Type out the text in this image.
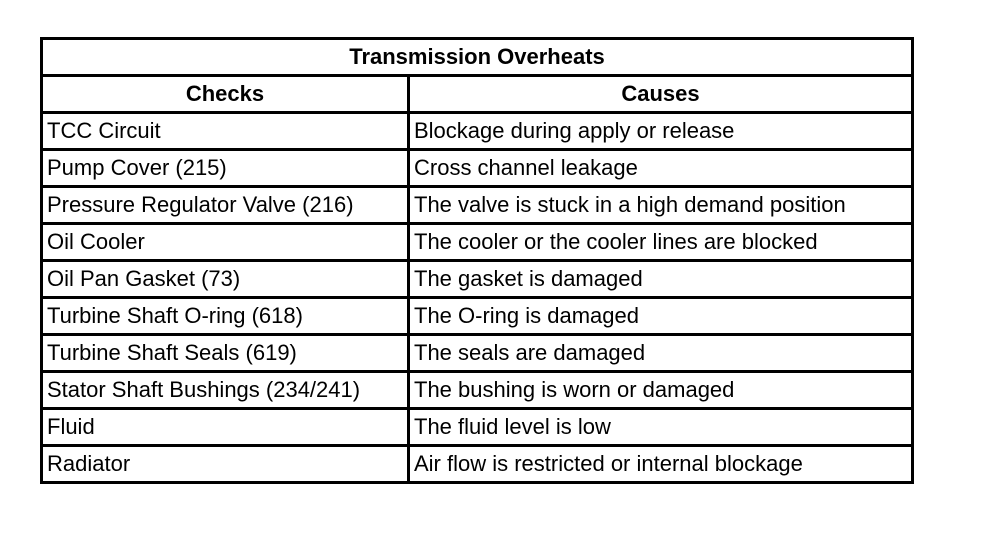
Transmission Overheats	
Checks	Causes
TCC Circuit	Blockage during apply or release
Pump Cover (215)	Cross channel leakage
Pressure Regulator Valve (216)	The valve is stuck in a high demand position
Oil Cooler	The cooler or the cooler lines are blocked
Oil Pan Gasket (73)	The gasket is damaged
Turbine Shaft O-ring (618)	The O-ring is damaged
Turbine Shaft Seals (619)	The seals are damaged
Stator Shaft Bushings (234/241)	The bushing is worn or damaged
Fluid	The fluid level is low
Radiator	Air flow is restricted or internal blockage
